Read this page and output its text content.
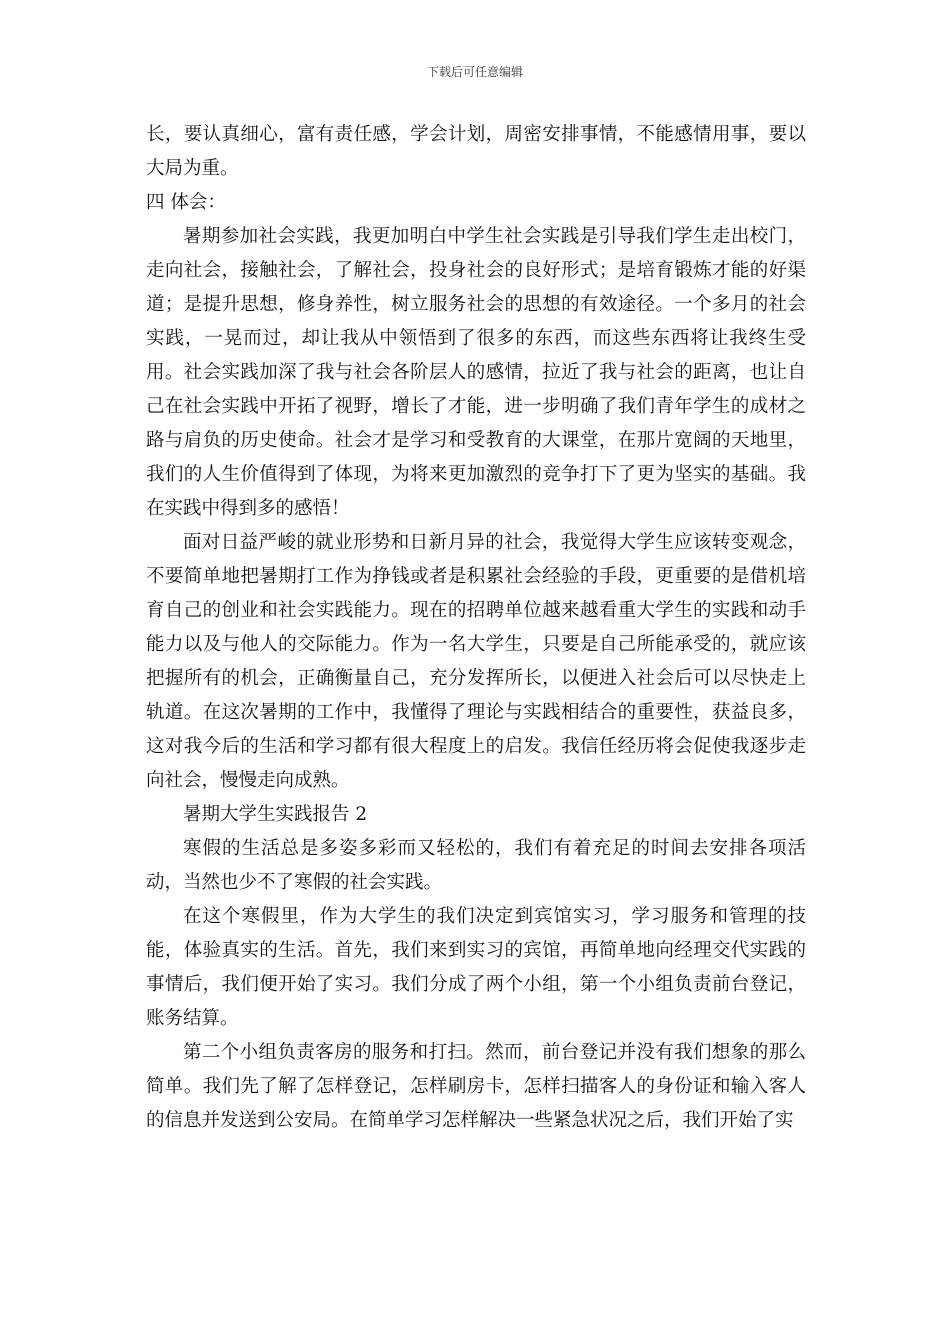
下载后可任意编辑

长，要认真细心，富有责任感，学会计划，周密安排事情，不能感情用事，要以大局为重。

四 体会：

暑期参加社会实践，我更加明白中学生社会实践是引导我们学生走出校门，走向社会，接触社会，了解社会，投身社会的良好形式；是培育锻炼才能的好渠道；是提升思想，修身养性，树立服务社会的思想的有效途径。一个多月的社会实践，一晃而过，却让我从中领悟到了很多的东西，而这些东西将让我终生受用。社会实践加深了我与社会各阶层人的感情，拉近了我与社会的距离，也让自己在社会实践中开拓了视野，增长了才能，进一步明确了我们青年学生的成材之路与肩负的历史使命。社会才是学习和受教育的大课堂，在那片宽阔的天地里，我们的人生价值得到了体现，为将来更加激烈的竞争打下了更为坚实的基础。我在实践中得到多的感悟！

面对日益严峻的就业形势和日新月异的社会，我觉得大学生应该转变观念，不要简单地把暑期打工作为挣钱或者是积累社会经验的手段，更重要的是借机培育自己的创业和社会实践能力。现在的招聘单位越来越看重大学生的实践和动手能力以及与他人的交际能力。作为一名大学生，只要是自己所能承受的，就应该把握所有的机会，正确衡量自己，充分发挥所长，以便进入社会后可以尽快走上轨道。在这次暑期的工作中，我懂得了理论与实践相结合的重要性，获益良多，这对我今后的生活和学习都有很大程度上的启发。我信任经历将会促使我逐步走向社会，慢慢走向成熟。

暑期大学生实践报告 2

寒假的生活总是多姿多彩而又轻松的，我们有着充足的时间去安排各项活动，当然也少不了寒假的社会实践。

在这个寒假里，作为大学生的我们决定到宾馆实习，学习服务和管理的技能，体验真实的生活。首先，我们来到实习的宾馆，再简单地向经理交代实践的事情后，我们便开始了实习。我们分成了两个小组，第一个小组负责前台登记，账务结算。

第二个小组负责客房的服务和打扫。然而，前台登记并没有我们想象的那么简单。我们先了解了怎样登记，怎样刷房卡，怎样扫描客人的身份证和输入客人的信息并发送到公安局。在简单学习怎样解决一些紧急状况之后，我们开始了实
